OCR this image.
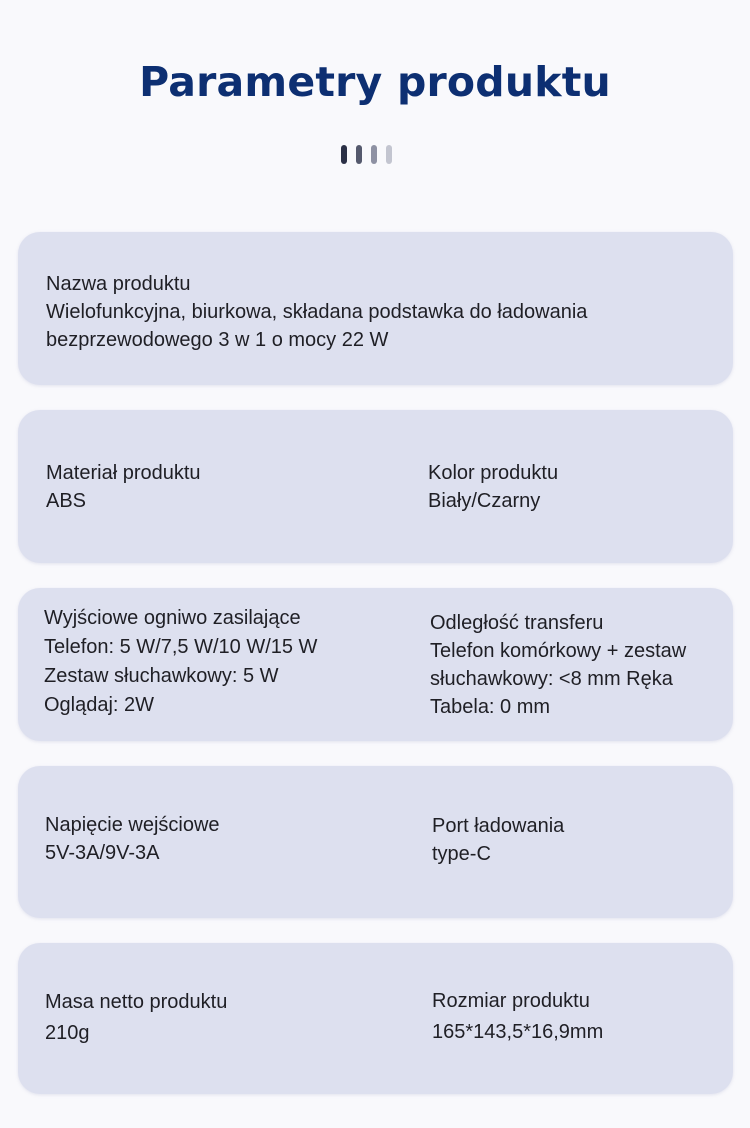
Parametry produktu
Nazwa produktu
Wielofunkcyjna, biurkowa, składana podstawka do ładowania
bezprzewodowego 3 w 1 o mocy 22 W
Materiał produktu
ABS
Kolor produktu
Biały/Czarny
Wyjściowe ogniwo zasilające
Telefon: 5 W/7,5 W/10 W/15 W
Zestaw słuchawkowy: 5 W
Oglądaj: 2W
Odległość transferu
Telefon komórkowy + zestaw
słuchawkowy: <8 mm Ręka
Tabela: 0 mm
Napięcie wejściowe
5V-3A/9V-3A
Port ładowania
type-C
Masa netto produktu
210g
Rozmiar produktu
165*143,5*16,9mm
